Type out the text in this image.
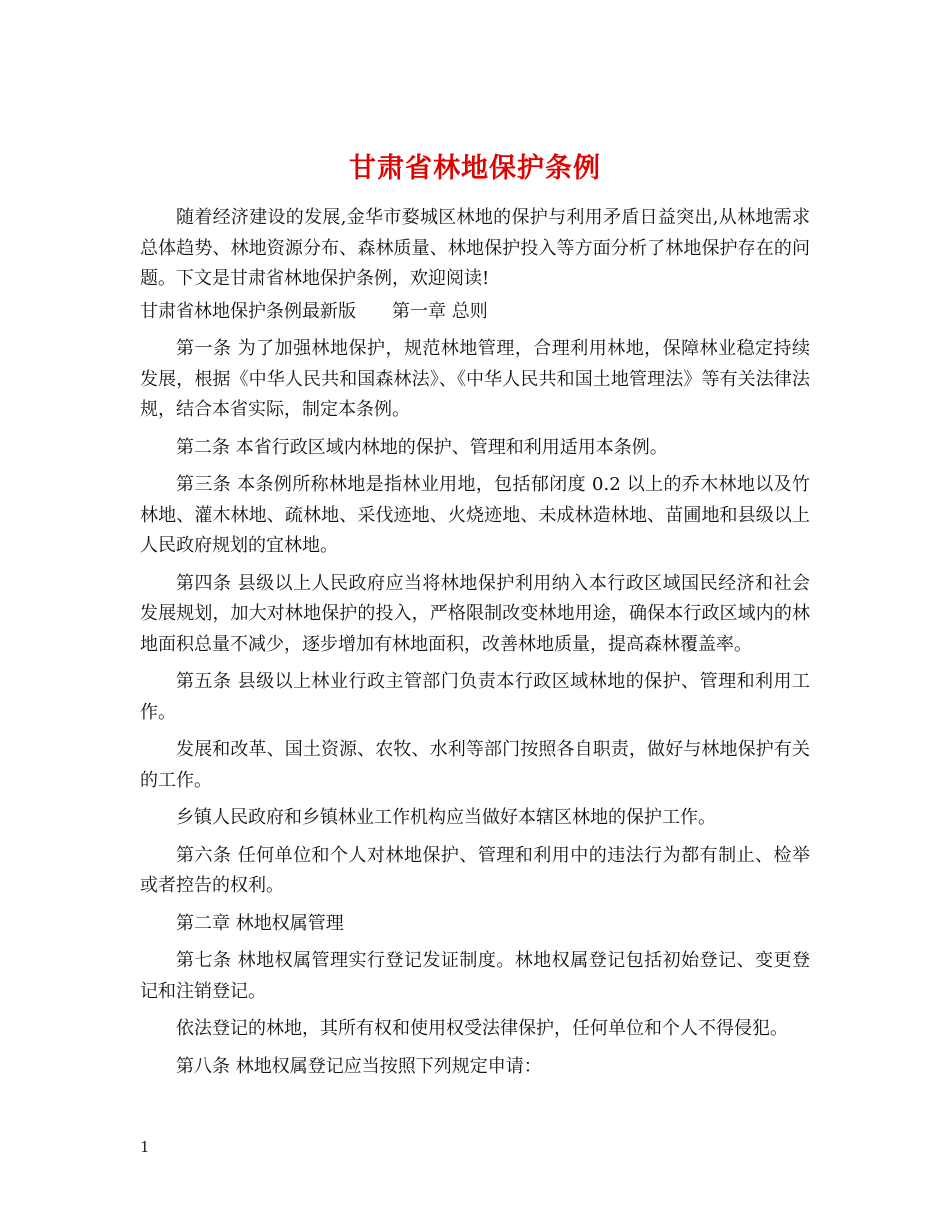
甘肃省林地保护条例

随着经济建设的发展,金华市婺城区林地的保护与利用矛盾日益突出,从林地需求总体趋势、林地资源分布、森林质量、林地保护投入等方面分析了林地保护存在的问题。下文是甘肃省林地保护条例，欢迎阅读!

甘肃省林地保护条例最新版　　第一章 总则

第一条 为了加强林地保护，规范林地管理，合理利用林地，保障林业稳定持续发展，根据《中华人民共和国森林法》、《中华人民共和国土地管理法》等有关法律法规，结合本省实际，制定本条例。

第二条 本省行政区域内林地的保护、管理和利用适用本条例。

第三条 本条例所称林地是指林业用地，包括郁闭度 0.2 以上的乔木林地以及竹林地、灌木林地、疏林地、采伐迹地、火烧迹地、未成林造林地、苗圃地和县级以上人民政府规划的宜林地。

第四条 县级以上人民政府应当将林地保护利用纳入本行政区域国民经济和社会发展规划，加大对林地保护的投入，严格限制改变林地用途，确保本行政区域内的林地面积总量不减少，逐步增加有林地面积，改善林地质量，提高森林覆盖率。

第五条 县级以上林业行政主管部门负责本行政区域林地的保护、管理和利用工作。

发展和改革、国土资源、农牧、水利等部门按照各自职责，做好与林地保护有关的工作。

乡镇人民政府和乡镇林业工作机构应当做好本辖区林地的保护工作。

第六条 任何单位和个人对林地保护、管理和利用中的违法行为都有制止、检举或者控告的权利。

第二章 林地权属管理

第七条 林地权属管理实行登记发证制度。林地权属登记包括初始登记、变更登记和注销登记。

依法登记的林地，其所有权和使用权受法律保护，任何单位和个人不得侵犯。

第八条 林地权属登记应当按照下列规定申请：

1
